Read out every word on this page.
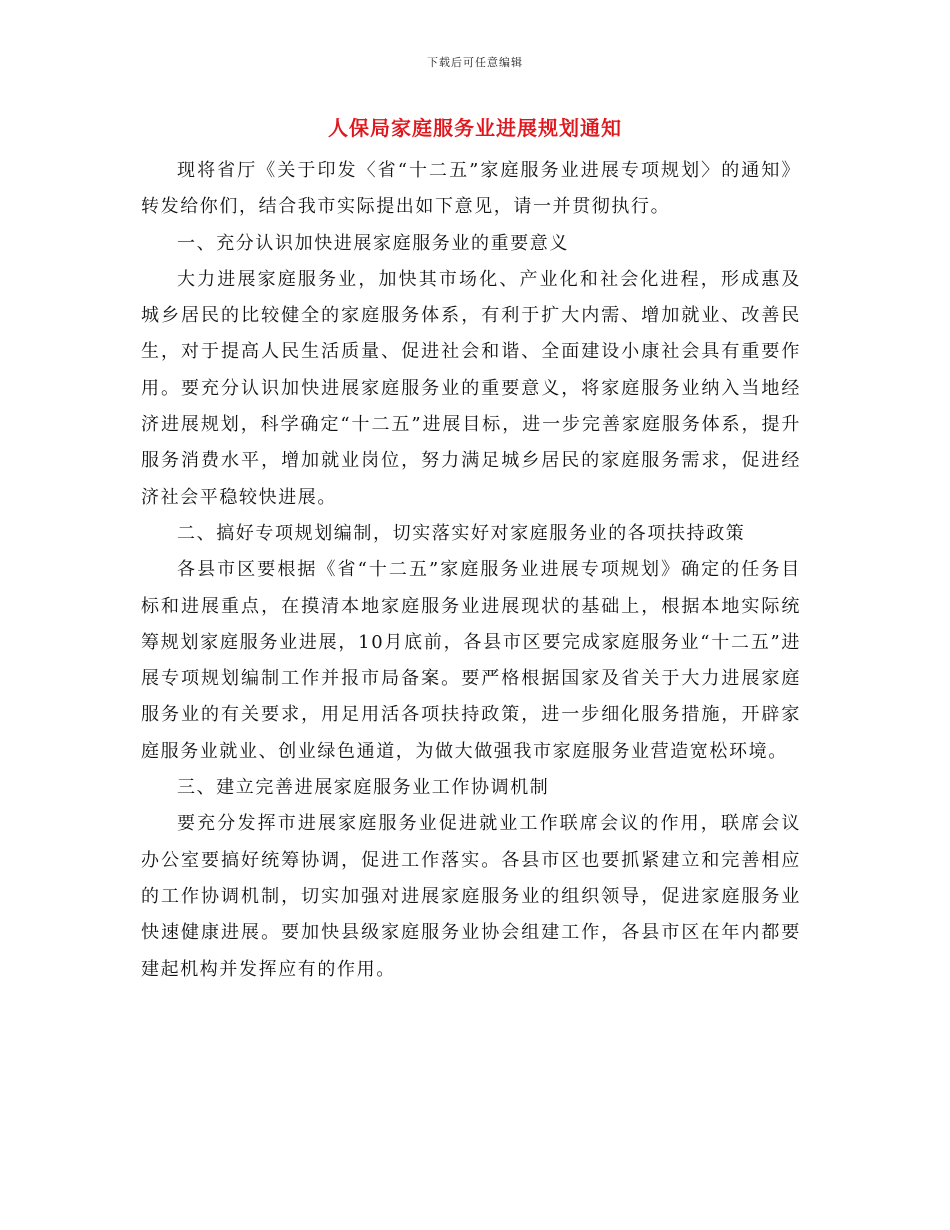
下载后可任意编辑
人保局家庭服务业进展规划通知

现将省厅《关于印发〈省“十二五”家庭服务业进展专项规划〉的通知》转发给你们，结合我市实际提出如下意见，请一并贯彻执行。

一、充分认识加快进展家庭服务业的重要意义

大力进展家庭服务业，加快其市场化、产业化和社会化进程，形成惠及城乡居民的比较健全的家庭服务体系，有利于扩大内需、增加就业、改善民生，对于提高人民生活质量、促进社会和谐、全面建设小康社会具有重要作用。要充分认识加快进展家庭服务业的重要意义，将家庭服务业纳入当地经济进展规划，科学确定“十二五”进展目标，进一步完善家庭服务体系，提升服务消费水平，增加就业岗位，努力满足城乡居民的家庭服务需求，促进经济社会平稳较快进展。

二、搞好专项规划编制，切实落实好对家庭服务业的各项扶持政策

各县市区要根据《省“十二五”家庭服务业进展专项规划》确定的任务目标和进展重点，在摸清本地家庭服务业进展现状的基础上，根据本地实际统筹规划家庭服务业进展，10月底前，各县市区要完成家庭服务业“十二五”进展专项规划编制工作并报市局备案。要严格根据国家及省关于大力进展家庭服务业的有关要求，用足用活各项扶持政策，进一步细化服务措施，开辟家庭服务业就业、创业绿色通道，为做大做强我市家庭服务业营造宽松环境。

三、建立完善进展家庭服务业工作协调机制

要充分发挥市进展家庭服务业促进就业工作联席会议的作用，联席会议办公室要搞好统筹协调，促进工作落实。各县市区也要抓紧建立和完善相应的工作协调机制，切实加强对进展家庭服务业的组织领导，促进家庭服务业快速健康进展。要加快县级家庭服务业协会组建工作，各县市区在年内都要建起机构并发挥应有的作用。
